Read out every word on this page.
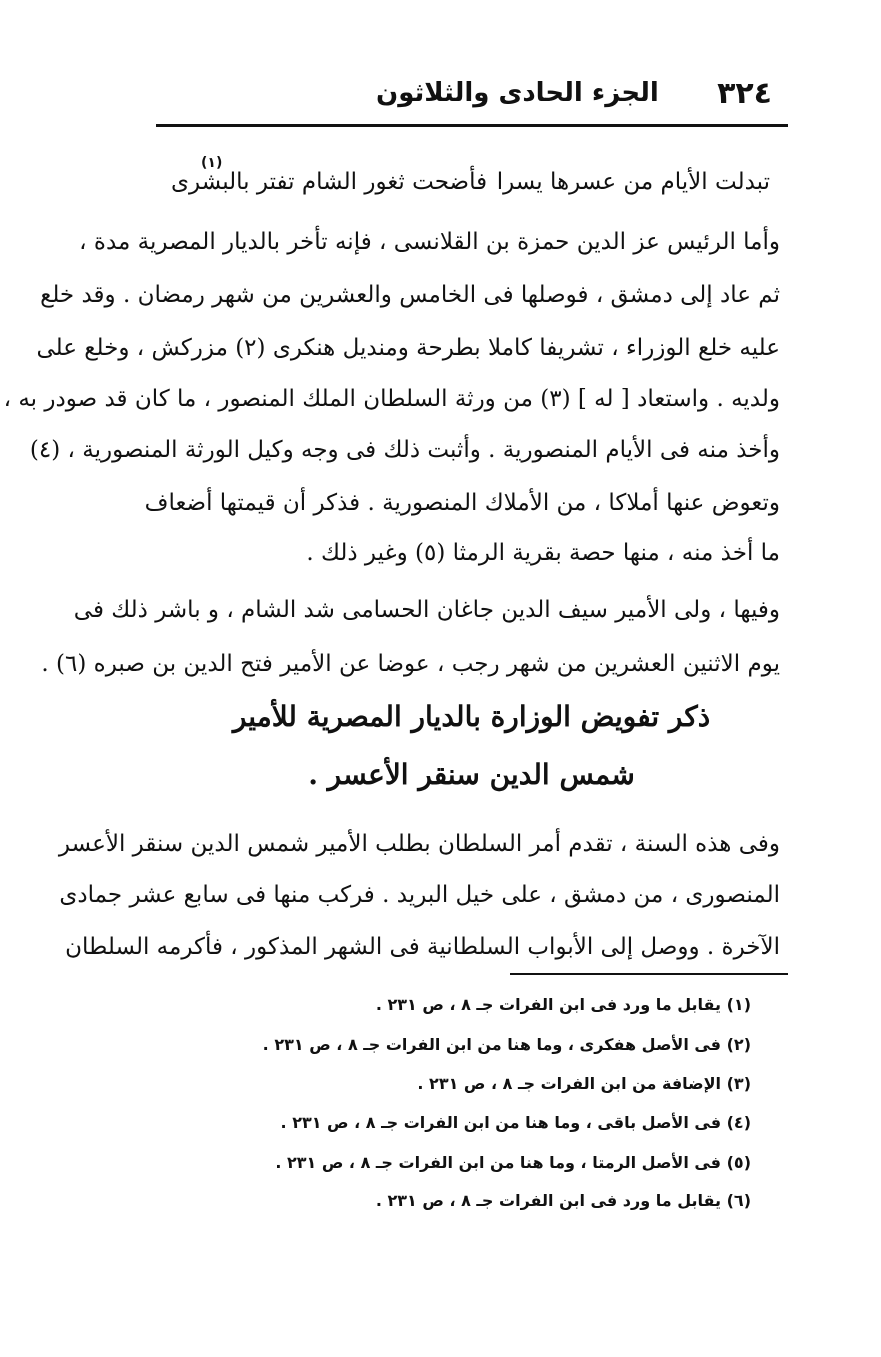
٣٢٤
الجزء الحادى والثلاثون
تبدلت الأيام من عسرها يسرا
فأضحت ثغور الشام تفتر بالبشرى
(١)
وأما الرئيس عز الدين حمزة بن القلانسى ، فإنه تأخر بالديار المصرية مدة ،
ثم عاد إلى دمشق ، فوصلها فى الخامس والعشرين من شهر رمضان . وقد خلع
عليه خلع الوزراء ، تشريفا كاملا بطرحة ومنديل هنكرى (٢) مزركش ، وخلع على
ولديه . واستعاد [ له ] (٣) من ورثة السلطان الملك المنصور ، ما كان قد صودر به ،
وأخذ منه فى الأيام المنصورية . وأثبت ذلك فى وجه وكيل الورثة المنصورية ، (٤)
وتعوض عنها أملاكا ، من الأملاك المنصورية . فذكر أن قيمتها أضعاف
ما أخذ منه ، منها حصة بقرية الرمثا (٥) وغير ذلك .
وفيها ، ولى الأمير سيف الدين جاغان الحسامى شد الشام ، و باشر ذلك فى
يوم الاثنين العشرين من شهر رجب ، عوضا عن الأمير فتح الدين بن صبره (٦) .
ذكر تفويض الوزارة بالديار المصرية للأمير
شمس الدين سنقر الأعسر .
وفى هذه السنة ، تقدم أمر السلطان بطلب الأمير شمس الدين سنقر الأعسر
المنصورى ، من دمشق ، على خيل البريد . فركب منها فى سابع عشر جمادى
الآخرة . ووصل إلى الأبواب السلطانية فى الشهر المذكور ، فأكرمه السلطان
(١) يقابل ما ورد فى ابن الفرات جـ ٨ ، ص ٢٣١ .
(٢) فى الأصل هفكرى ، وما هنا من ابن الفرات جـ ٨ ، ص ٢٣١ .
(٣) الإضافة من ابن الفرات جـ ٨ ، ص ٢٣١ .
(٤) فى الأصل باقى ، وما هنا من ابن الفرات جـ ٨ ، ص ٢٣١ .
(٥) فى الأصل الرمتا ، وما هنا من ابن الفرات جـ ٨ ، ص ٢٣١ .
(٦) يقابل ما ورد فى ابن الفرات جـ ٨ ، ص ٢٣١ .
